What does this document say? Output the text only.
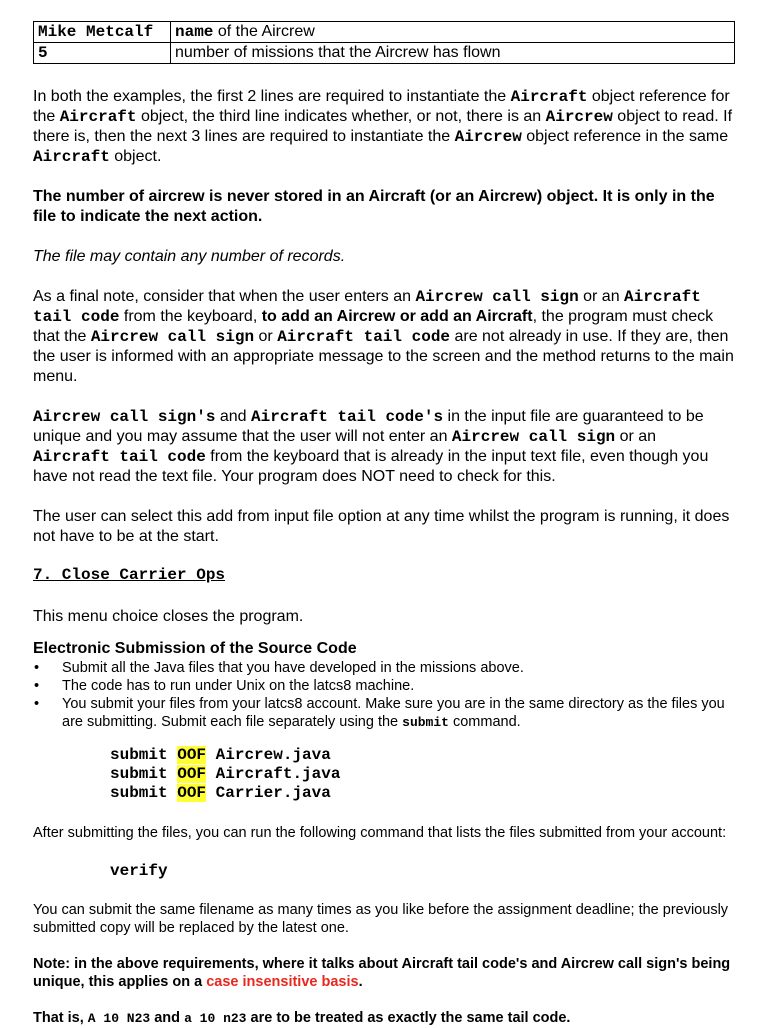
Mike Metcalf	name of the Aircrew
5	number of missions that the Aircrew has flown

In both the examples, the first 2 lines are required to instantiate the Aircraft object reference for the Aircraft object, the third line indicates whether, or not, there is an Aircrew object to read. If there is, then the next 3 lines are required to instantiate the Aircrew object reference in the same Aircraft object.

The number of aircrew is never stored in an Aircraft (or an Aircrew) object. It is only in the file to indicate the next action.

The file may contain any number of records.

As a final note, consider that when the user enters an Aircrew call sign or an Aircraft tail code from the keyboard, to add an Aircrew or add an Aircraft, the program must check that the Aircrew call sign or Aircraft tail code are not already in use. If they are, then the user is informed with an appropriate message to the screen and the method returns to the main menu.

Aircrew call sign's and Aircraft tail code's in the input file are guaranteed to be unique and you may assume that the user will not enter an Aircrew call sign or an Aircraft tail code from the keyboard that is already in the input text file, even though you have not read the text file. Your program does NOT need to check for this.

The user can select this add from input file option at any time whilst the program is running, it does not have to be at the start.

7. Close Carrier Ops

This menu choice closes the program.

Electronic Submission of the Source Code
• Submit all the Java files that you have developed in the missions above.
• The code has to run under Unix on the latcs8 machine.
• You submit your files from your latcs8 account. Make sure you are in the same directory as the files you are submitting. Submit each file separately using the submit command.
submit OOF Aircrew.java
submit OOF Aircraft.java
submit OOF Carrier.java

After submitting the files, you can run the following command that lists the files submitted from your account:

verify

You can submit the same filename as many times as you like before the assignment deadline; the previously submitted copy will be replaced by the latest one.

Note: in the above requirements, where it talks about Aircraft tail code's and Aircrew call sign's being unique, this applies on a case insensitive basis.

That is, A 10 N23 and a 10 n23 are to be treated as exactly the same tail code.
